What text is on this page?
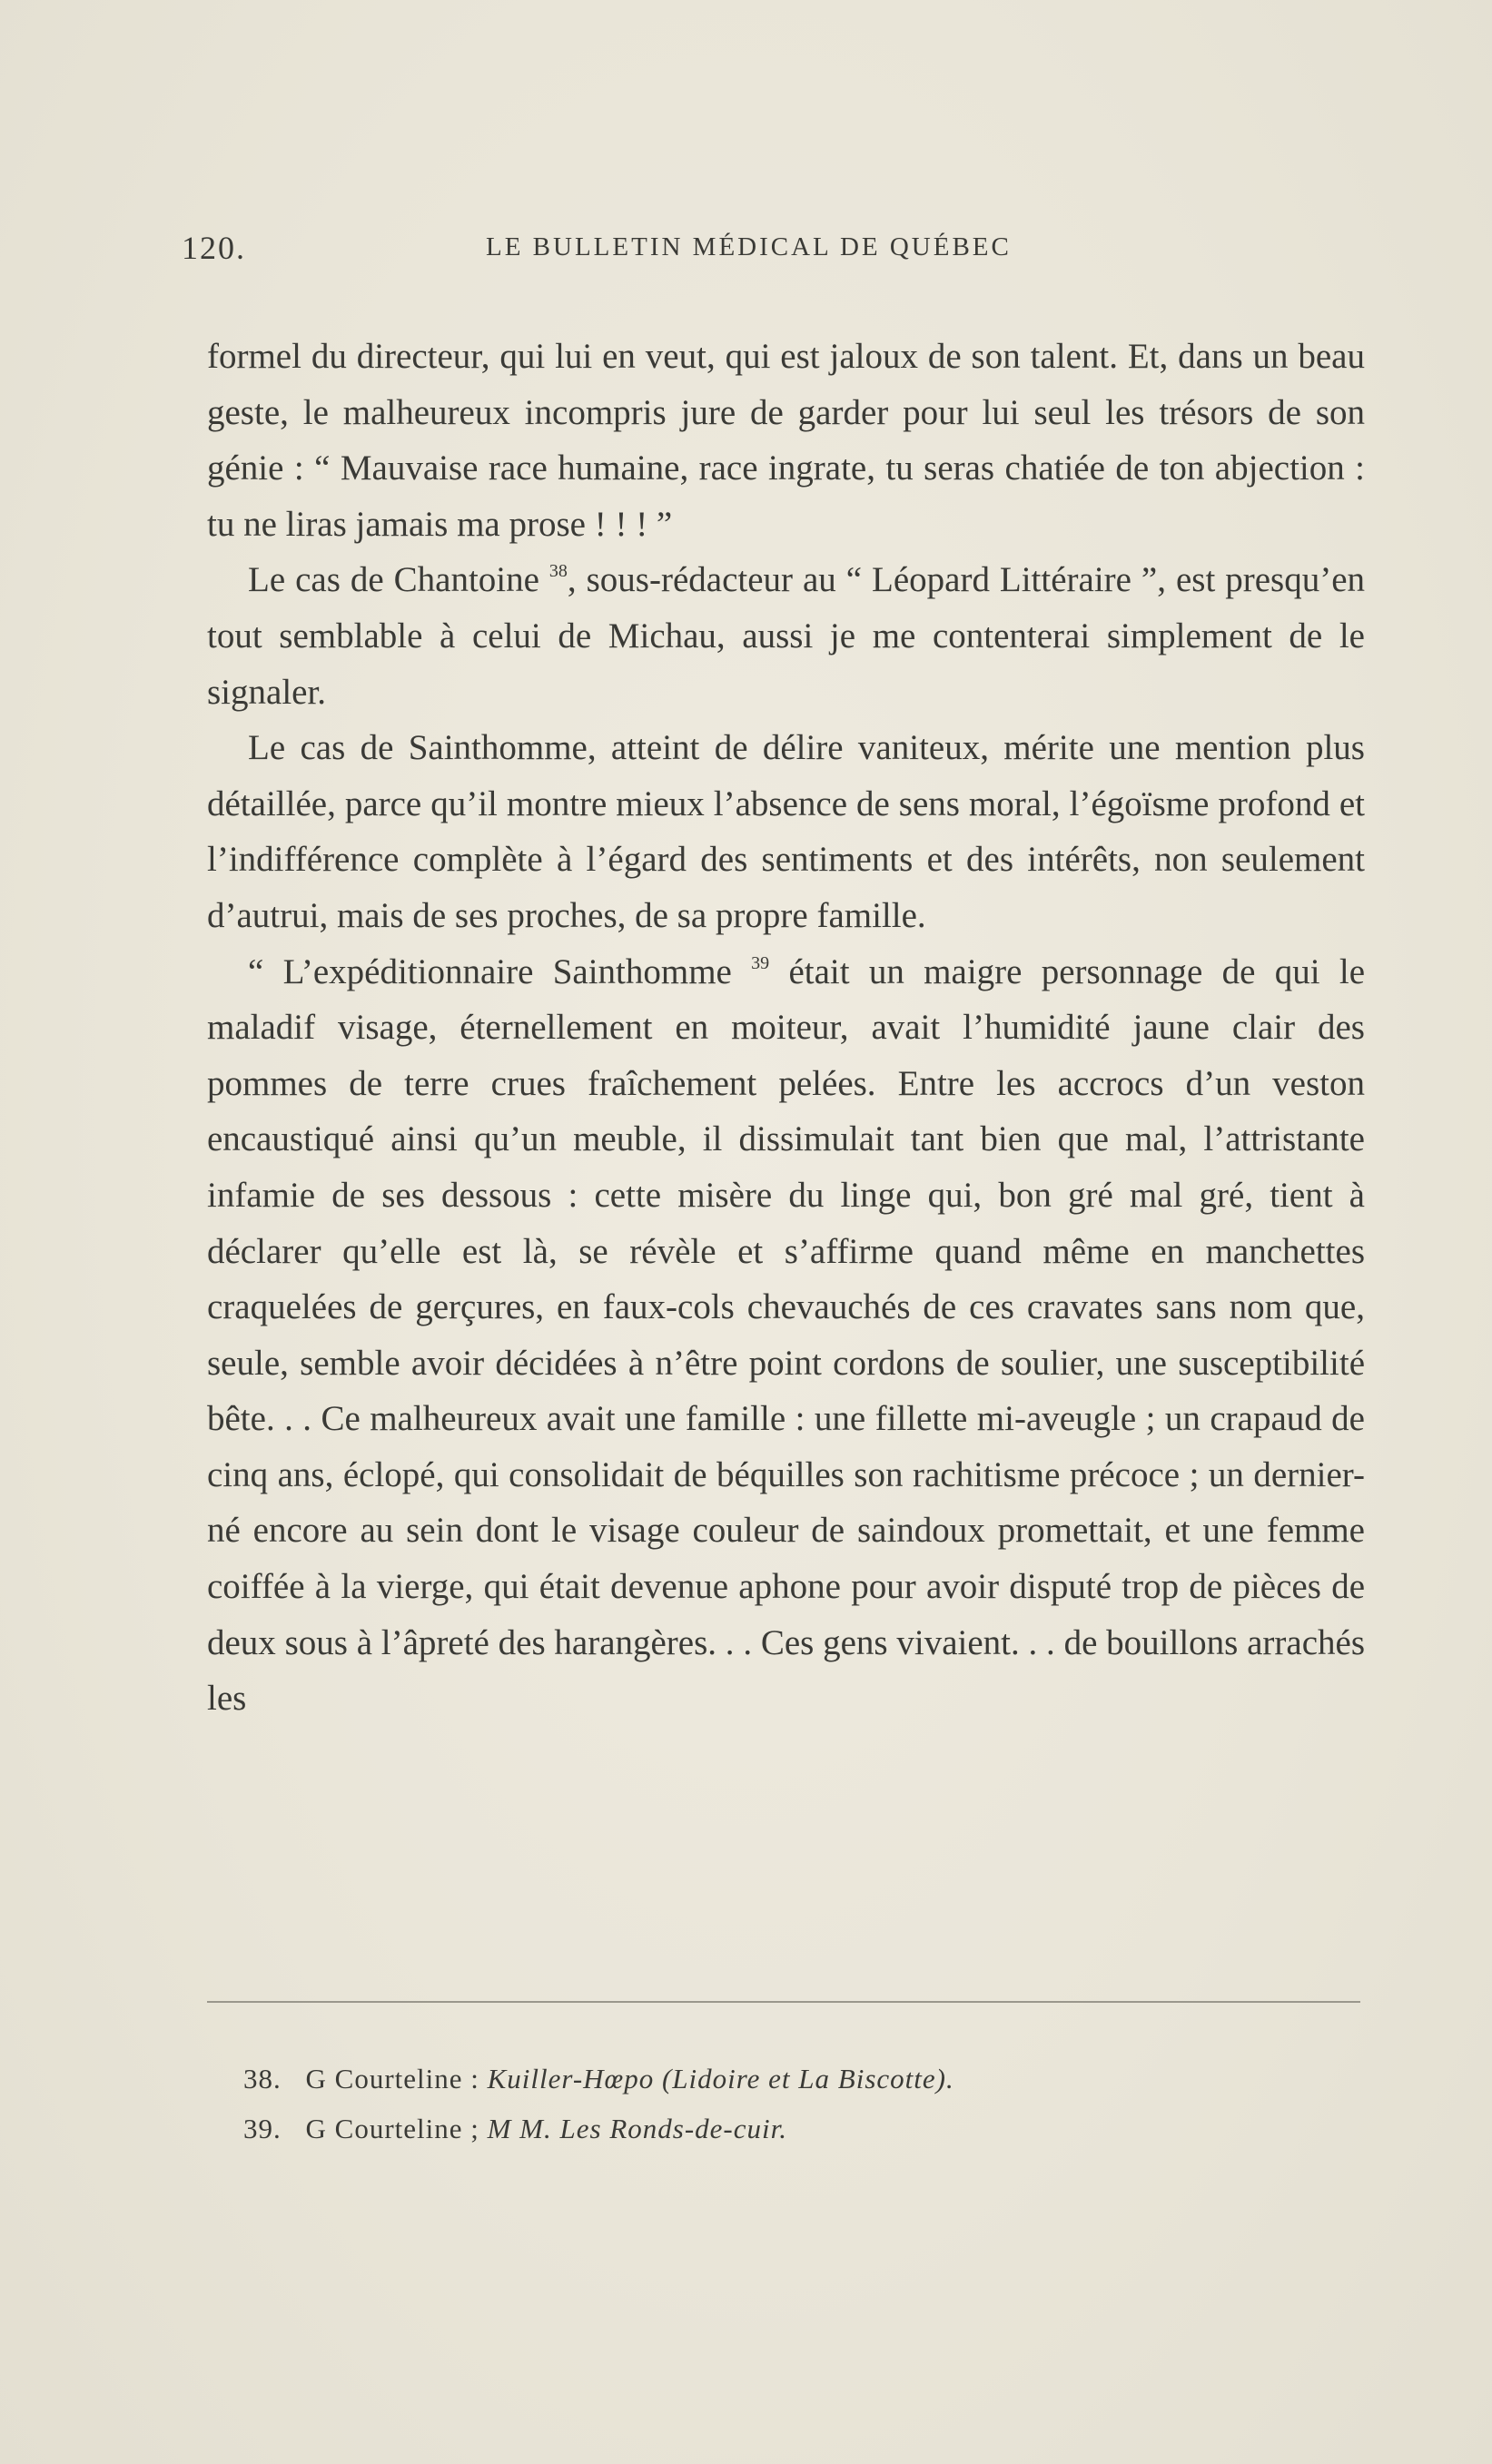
120.	LE BULLETIN MÉDICAL DE QUÉBEC

formel du directeur, qui lui en veut, qui est jaloux de son talent. Et, dans un beau geste, le malheureux incompris jure de garder pour lui seul les trésors de son génie : “ Mauvaise race humaine, race ingrate, tu seras chatiée de ton abjection : tu ne liras jamais ma prose ! ! ! ”

Le cas de Chantoine $^{38}$, sous-rédacteur au “ Léopard Littéraire ”, est presqu’en tout semblable à celui de Michau, aussi je me contenterai simplement de le signaler.

Le cas de Sainthomme, atteint de délire vaniteux, mérite une mention plus détaillée, parce qu’il montre mieux l’absence de sens moral, l’égoïsme profond et l’indifférence complète à l’égard des sentiments et des intérêts, non seulement d’autrui, mais de ses proches, de sa propre famille.

“ L’expéditionnaire Sainthomme $^{39}$ était un maigre personnage de qui le maladif visage, éternellement en moiteur, avait l’humidité jaune clair des pommes de terre crues fraîchement pelées. Entre les accrocs d’un veston encaustiqué ainsi qu’un meuble, il dissimulait tant bien que mal, l’attristante infamie de ses dessous : cette misère du linge qui, bon gré mal gré, tient à déclarer qu’elle est là, se révèle et s’affirme quand même en manchettes craquelées de gerçures, en faux-cols chevauchés de ces cravates sans nom que, seule, semble avoir décidées à n’être point cordons de soulier, une susceptibilité bête. . . Ce malheureux avait une famille : une fillette mi-aveugle ; un crapaud de cinq ans, éclopé, qui consolidait de béquilles son rachitisme précoce ; un dernier-né encore au sein dont le visage couleur de saindoux promettait, et une femme coiffée à la vierge, qui était devenue aphone pour avoir disputé trop de pièces de deux sous à l’âpreté des harangères. . . Ces gens vivaient. . . de bouillons arrachés les

38. G Courteline : Kuiller-Hœpo (Lidoire et La Biscotte).
39. G Courteline ; M M. Les Ronds-de-cuir.
